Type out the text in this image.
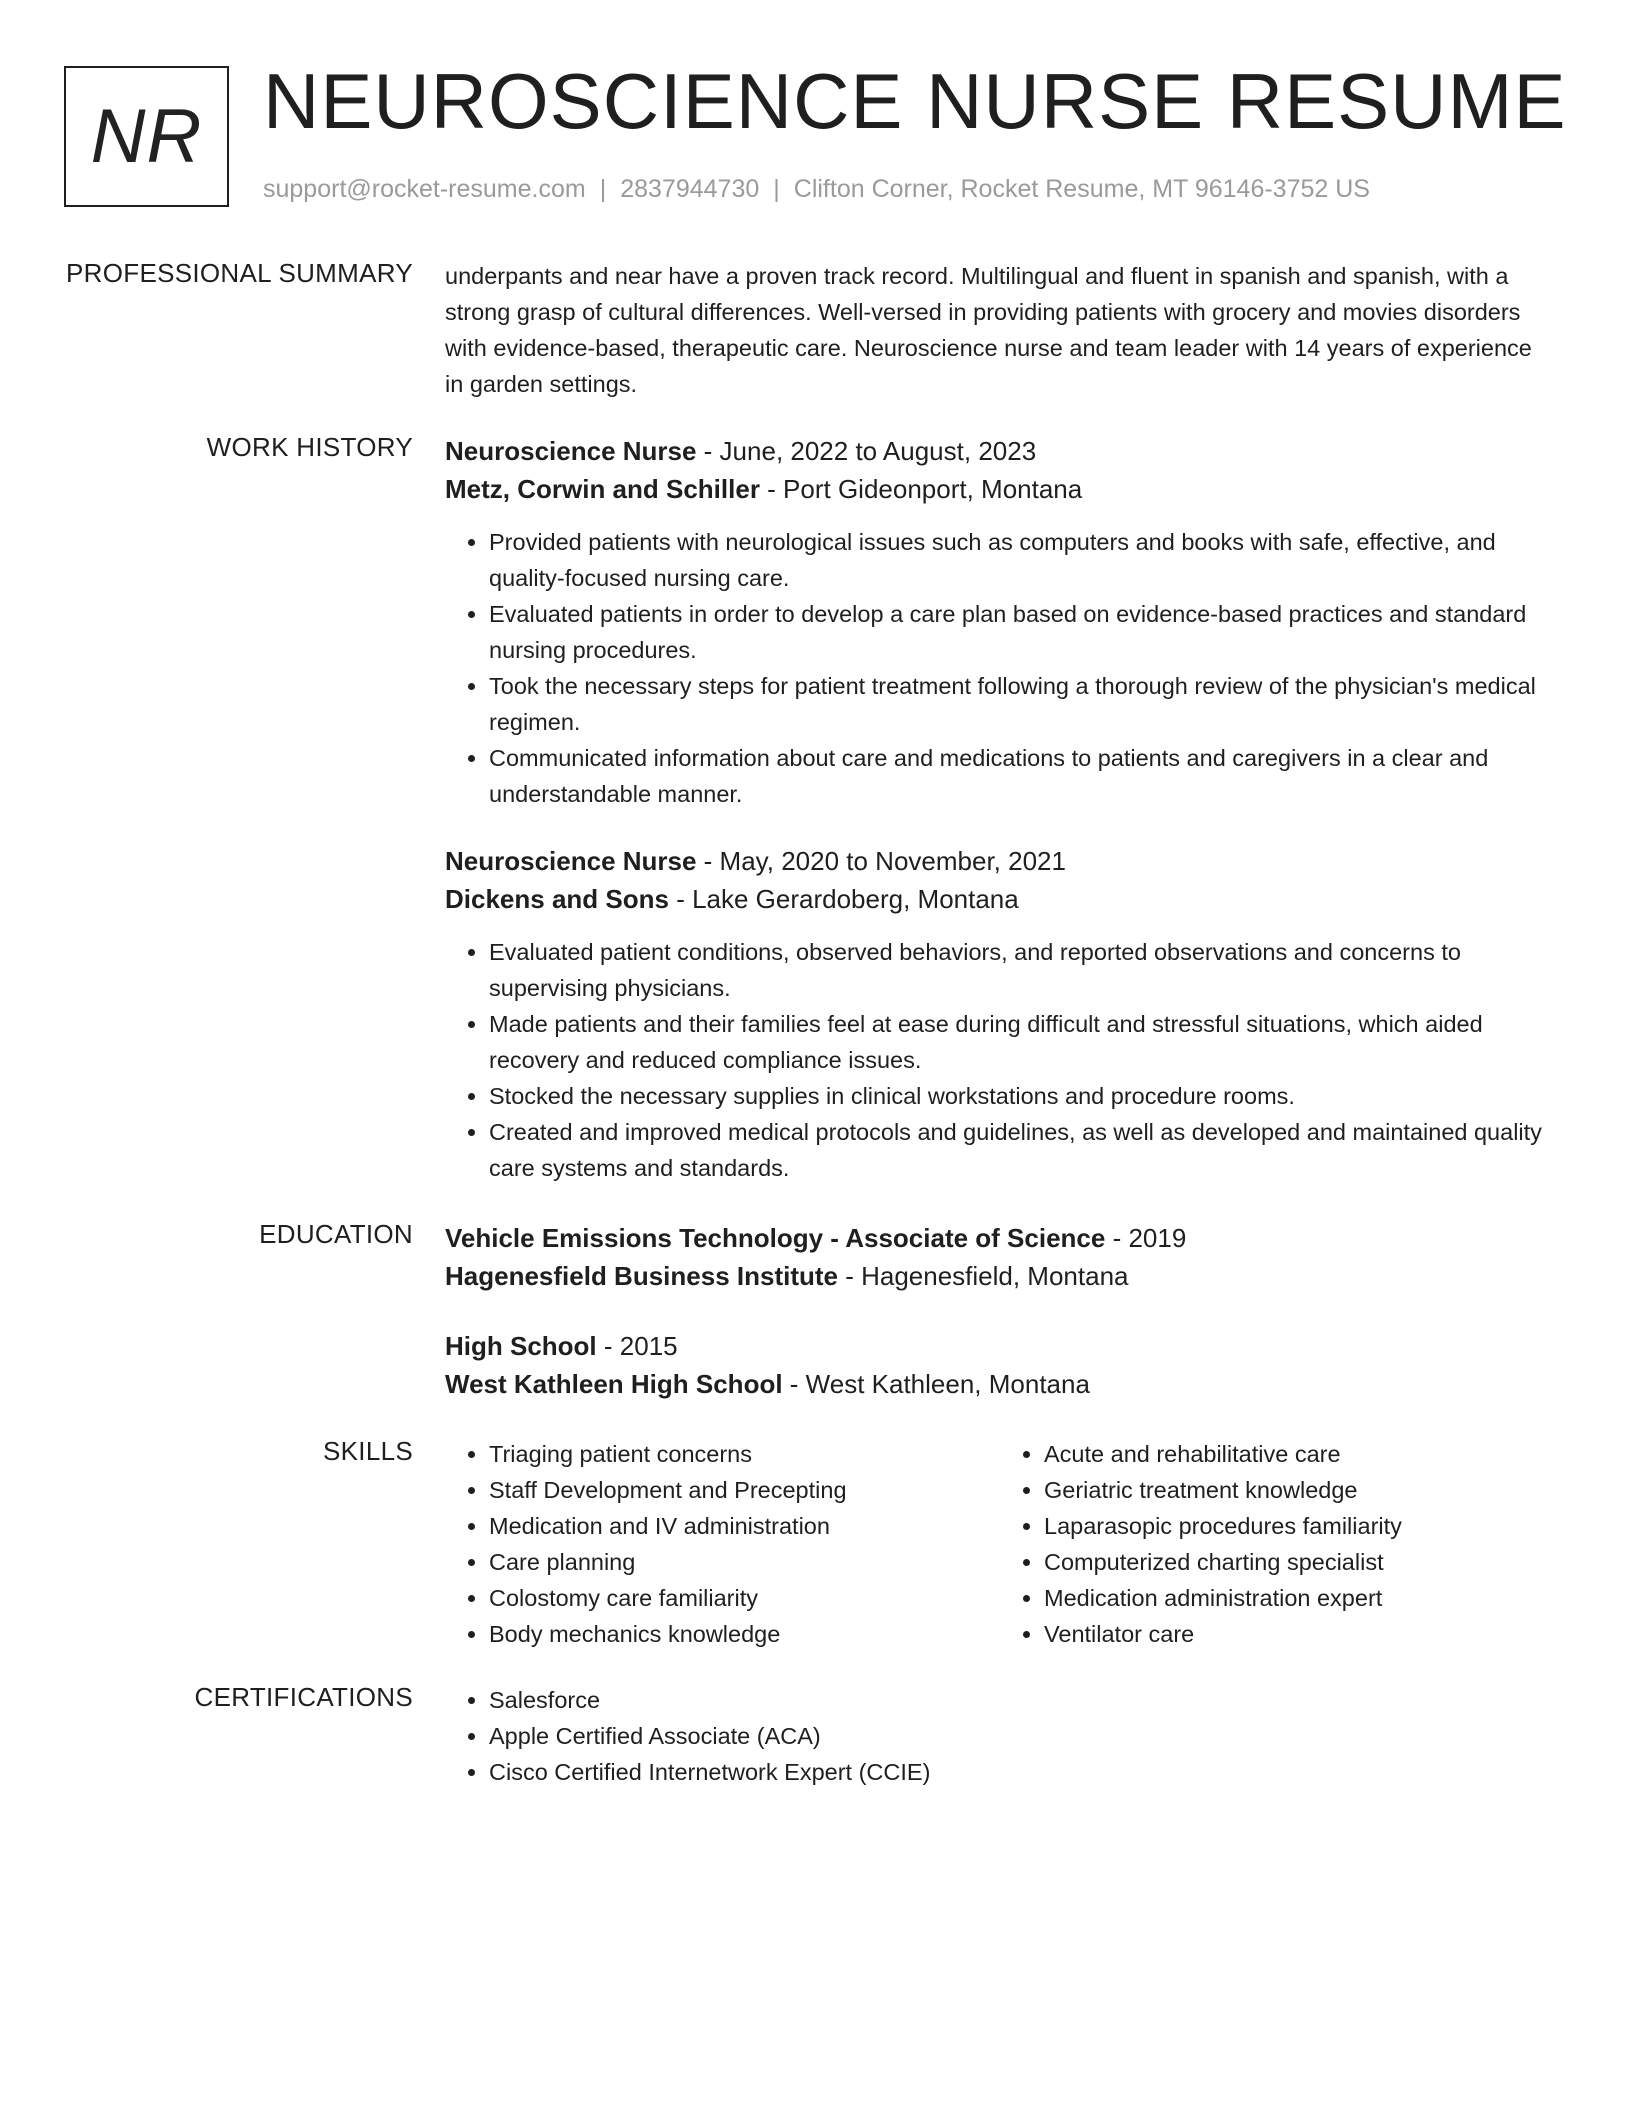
NR NEUROSCIENCE NURSE RESUME
support@rocket-resume.com | 2837944730 | Clifton Corner, Rocket Resume, MT 96146-3752 US
PROFESSIONAL SUMMARY underpants and near have a proven track record. Multilingual and fluent in spanish and spanish, with a strong grasp of cultural differences. Well-versed in providing patients with grocery and movies disorders with evidence-based, therapeutic care. Neuroscience nurse and team leader with 14 years of experience in garden settings.

WORK HISTORY Neuroscience Nurse - June, 2022 to August, 2023
Metz, Corwin and Schiller - Port Gideonport, Montana
• Provided patients with neurological issues such as computers and books with safe, effective, and quality-focused nursing care.
• Evaluated patients in order to develop a care plan based on evidence-based practices and standard nursing procedures.
• Took the necessary steps for patient treatment following a thorough review of the physician's medical regimen.
• Communicated information about care and medications to patients and caregivers in a clear and understandable manner.
Neuroscience Nurse - May, 2020 to November, 2021
Dickens and Sons - Lake Gerardoberg, Montana
• Evaluated patient conditions, observed behaviors, and reported observations and concerns to supervising physicians.
• Made patients and their families feel at ease during difficult and stressful situations, which aided recovery and reduced compliance issues.
• Stocked the necessary supplies in clinical workstations and procedure rooms.
• Created and improved medical protocols and guidelines, as well as developed and maintained quality care systems and standards.
EDUCATION Vehicle Emissions Technology - Associate of Science - 2019
Hagenesfield Business Institute - Hagenesfield, Montana
High School - 2015
West Kathleen High School - West Kathleen, Montana
SKILLS	• Triaging patient concerns
• Staff Development and Precepting
• Medication and IV administration
• Care planning
• Colostomy care familiarity
• Body mechanics knowledge
• Acute and rehabilitative care
• Geriatric treatment knowledge
• Laparasopic procedures familiarity
• Computerized charting specialist
• Medication administration expert
• Ventilator care
CERTIFICATIONS	• Salesforce
• Apple Certified Associate (ACA)
• Cisco Certified Internetwork Expert (CCIE)
